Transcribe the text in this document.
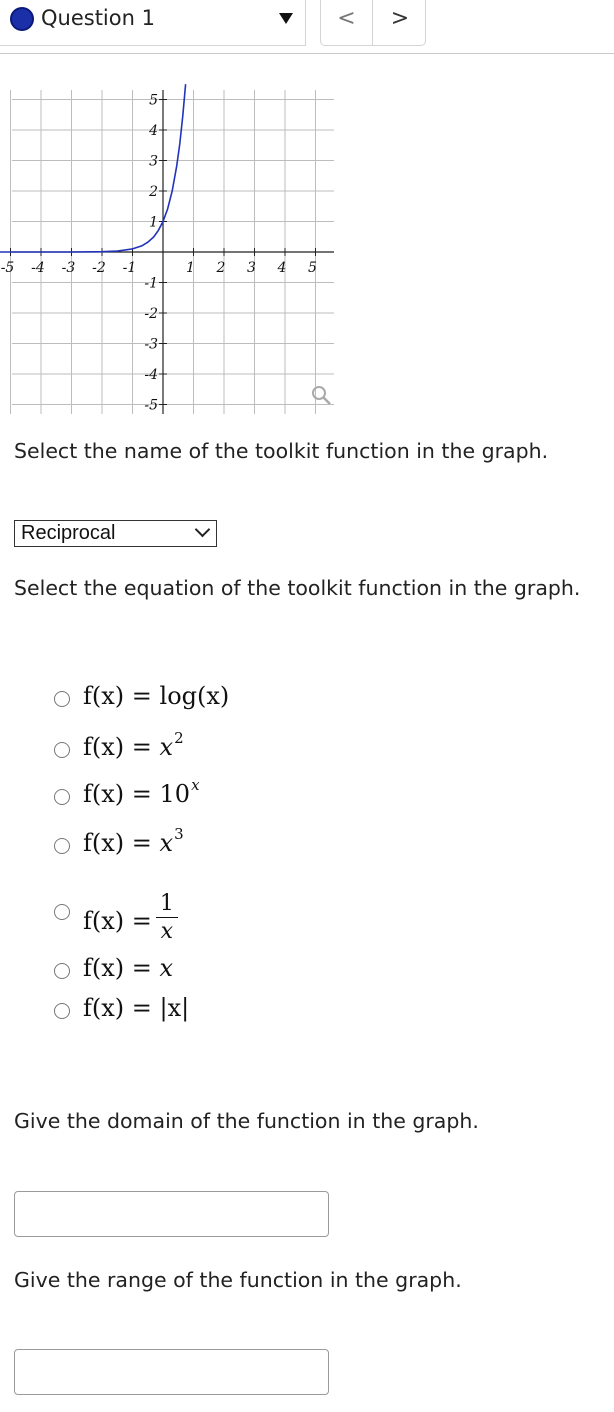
Question 1	<	>
-5 -4 -3 -2 -1	1 2 3 4 5
5
4
3
2
1
-1
-2
-3
-4
-5
Select the name of the toolkit function in the graph.
Reciprocal
Select the equation of the toolkit function in the graph.
f(x) = log(x)
$f(x) = x^2$
$f(x) = 10^x$
$f(x) = x^3$
$f(x) = \frac{1}{x}$
f(x) = x
f(x) = |x|
Give the domain of the function in the graph.
Give the range of the function in the graph.
